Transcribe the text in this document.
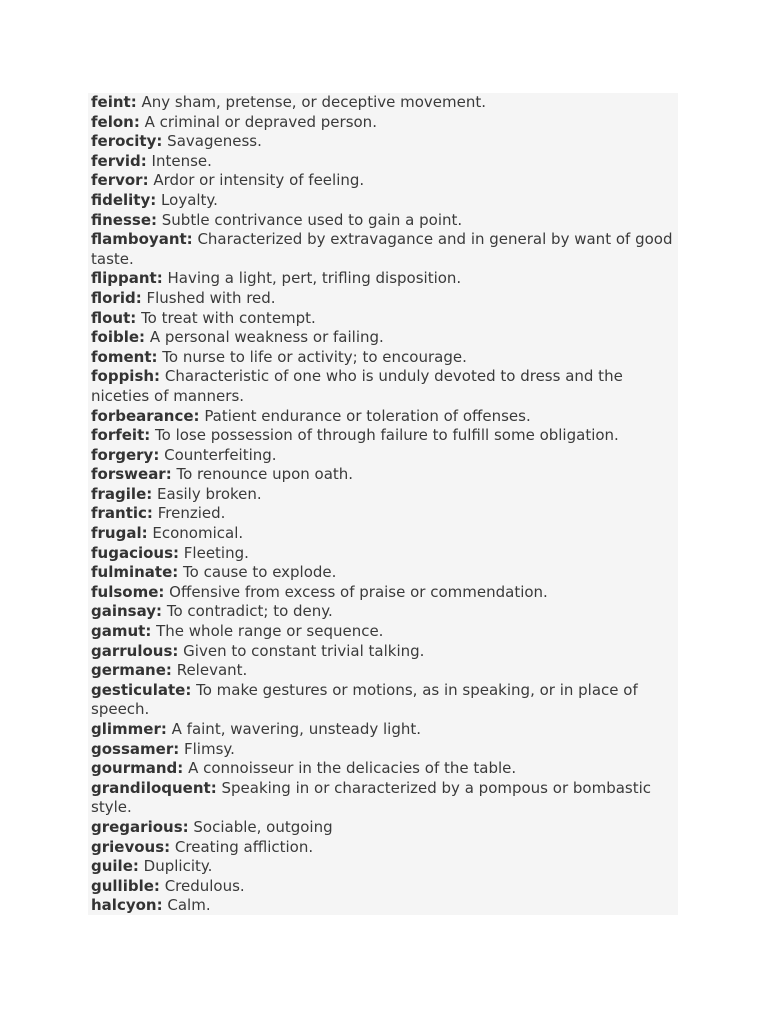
feint: Any sham, pretense, or deceptive movement.
felon: A criminal or depraved person.
ferocity: Savageness.
fervid: Intense.
fervor: Ardor or intensity of feeling.
fidelity: Loyalty.
finesse: Subtle contrivance used to gain a point.
flamboyant: Characterized by extravagance and in general by want of good taste.
flippant: Having a light, pert, trifling disposition.
florid: Flushed with red.
flout: To treat with contempt.
foible: A personal weakness or failing.
foment: To nurse to life or activity; to encourage.
foppish: Characteristic of one who is unduly devoted to dress and the niceties of manners.
forbearance: Patient endurance or toleration of offenses.
forfeit: To lose possession of through failure to fulfill some obligation.
forgery: Counterfeiting.
forswear: To renounce upon oath.
fragile: Easily broken.
frantic: Frenzied.
frugal: Economical.
fugacious: Fleeting.
fulminate: To cause to explode.
fulsome: Offensive from excess of praise or commendation.
gainsay: To contradict; to deny.
gamut: The whole range or sequence.
garrulous: Given to constant trivial talking.
germane: Relevant.
gesticulate: To make gestures or motions, as in speaking, or in place of speech.
glimmer: A faint, wavering, unsteady light.
gossamer: Flimsy.
gourmand: A connoisseur in the delicacies of the table.
grandiloquent: Speaking in or characterized by a pompous or bombastic style.
gregarious: Sociable, outgoing
grievous: Creating affliction.
guile: Duplicity.
gullible: Credulous.
halcyon: Calm.
